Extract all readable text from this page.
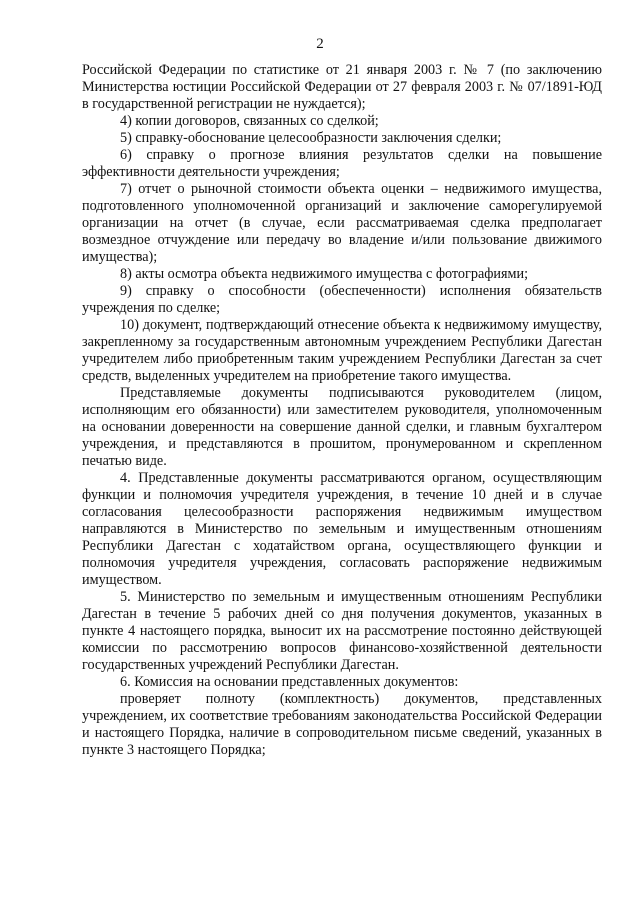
2

Российской Федерации по статистике от 21 января 2003 г. № 7 (по заключению Министерства юстиции Российской Федерации от 27 февраля 2003 г. № 07/1891-ЮД в государственной регистрации не нуждается);

4) копии договоров, связанных со сделкой;

5) справку-обоснование целесообразности заключения сделки;

6) справку о прогнозе влияния результатов сделки на повышение эффективности деятельности учреждения;

7) отчет о рыночной стоимости объекта оценки – недвижимого имущества, подготовленного уполномоченной организаций и заключение саморегулируемой организации на отчет (в случае, если рассматриваемая сделка предполагает возмездное отчуждение или передачу во владение и/или пользование движимого имущества);

8) акты осмотра объекта недвижимого имущества с фотографиями;

9) справку о способности (обеспеченности) исполнения обязательств учреждения по сделке;

10) документ, подтверждающий отнесение объекта к недвижимому имуществу, закрепленному за государственным автономным учреждением Республики Дагестан учредителем либо приобретенным таким учреждением Республики Дагестан за счет средств, выделенных учредителем на приобретение такого имущества.

Представляемые документы подписываются руководителем (лицом, исполняющим его обязанности) или заместителем руководителя, уполномоченным на основании доверенности на совершение данной сделки, и главным бухгалтером учреждения, и представляются в прошитом, пронумерованном и скрепленном печатью виде.

4. Представленные документы рассматриваются органом, осуществляющим функции и полномочия учредителя учреждения, в течение 10 дней и в случае согласования целесообразности распоряжения недвижимым имуществом направляются в Министерство по земельным и имущественным отношениям Республики Дагестан с ходатайством органа, осуществляющего функции и полномочия учредителя учреждения, согласовать распоряжение недвижимым имуществом.

5. Министерство по земельным и имущественным отношениям Республики Дагестан в течение 5 рабочих дней со дня получения документов, указанных в пункте 4 настоящего порядка, выносит их на рассмотрение постоянно действующей комиссии по рассмотрению вопросов финансово-хозяйственной деятельности государственных учреждений Республики Дагестан.

6. Комиссия на основании представленных документов:

проверяет полноту (комплектность) документов, представленных учреждением, их соответствие требованиям законодательства Российской Федерации и настоящего Порядка, наличие в сопроводительном письме сведений, указанных в пункте 3 настоящего Порядка;
